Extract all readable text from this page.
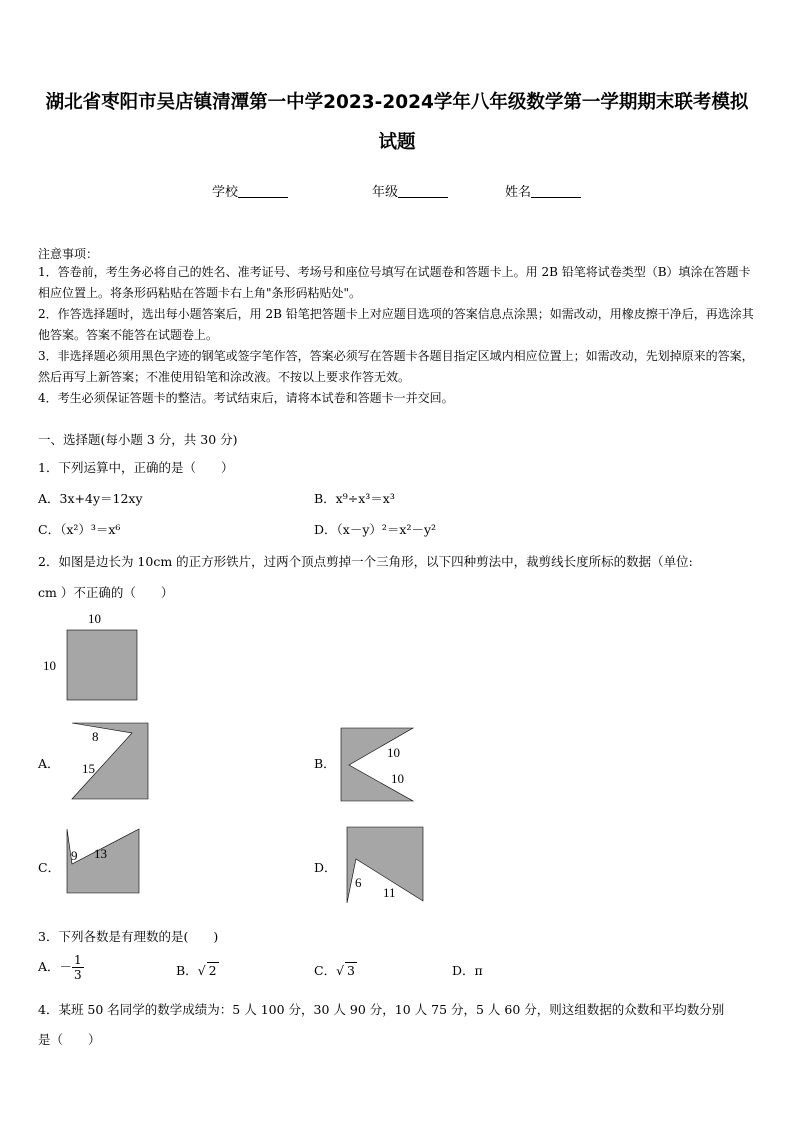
湖北省枣阳市吴店镇清潭第一中学2023-2024学年八年级数学第一学期期末联考模拟
试题
学校	年级	姓名
注意事项：
1．答卷前，考生务必将自己的姓名、准考证号、考场号和座位号填写在试题卷和答题卡上。用 2B 铅笔将试卷类型（B）填涂在答题卡相应位置上。将条形码粘贴在答题卡右上角"条形码粘贴处"。
2．作答选择题时，选出每小题答案后，用 2B 铅笔把答题卡上对应题目选项的答案信息点涂黑；如需改动，用橡皮擦干净后，再选涂其他答案。答案不能答在试题卷上。
3．非选择题必须用黑色字迹的钢笔或签字笔作答，答案必须写在答题卡各题目指定区域内相应位置上；如需改动，先划掉原来的答案，然后再写上新答案；不准使用铅笔和涂改液。不按以上要求作答无效。
4．考生必须保证答题卡的整洁。考试结束后，请将本试卷和答题卡一并交回。
一、选择题(每小题 3 分，共 30 分)
1．下列运算中，正确的是（　　）
A．3x+4y＝12xy	B．x⁹÷x³＝x³
C．（x²）³＝x⁶	D．（x－y）²＝x²－y²
2．如图是边长为 10cm 的正方形铁片，过两个顶点剪掉一个三角形，以下四种剪法中，裁剪线长度所标的数据（单位:
cm ）不正确的（　　）
10
10
8
15
10
10
9 13
6
11
A．	B．
C．	D．
3．下列各数是有理数的是(　　)
A．－ $\frac{1}{3}$	B．√ 2	C．√ 3	D．π
4．某班 50 名同学的数学成绩为：5 人 100 分，30 人 90 分，10 人 75 分，5 人 60 分，则这组数据的众数和平均数分别
是（　　）
